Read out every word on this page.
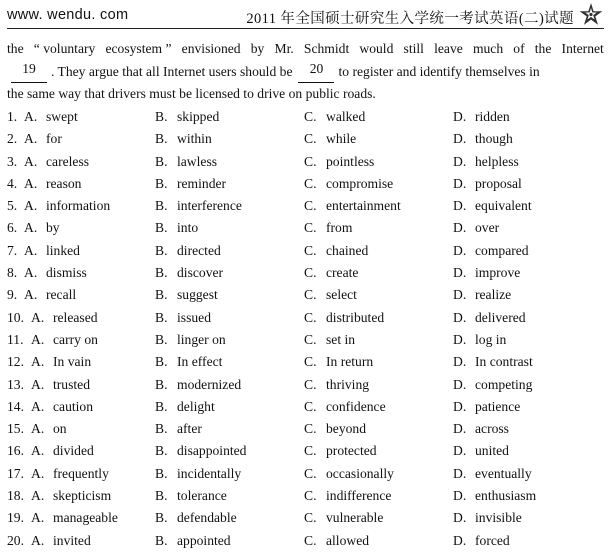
www. wendu. com	2011 年全国硕士研究生入学统一考试英语(二)试题
the “ voluntary ecosystem ” envisioned by Mr. Schmidt would still leave much of the Internet
19	. They argue that all Internet users should be	20	to register and identify themselves in
the same way that drivers must be licensed to drive on public roads.
1. A. swept	B. skipped	C. walked	D. ridden
2. A. for	B. within	C. while	D. though
3. A. careless	B. lawless	C. pointless	D. helpless
4. A. reason	B. reminder	C. compromise	D. proposal
5. A. information	B. interference	C. entertainment	D. equivalent
6. A. by	B. into	C. from	D. over
7. A. linked	B. directed	C. chained	D. compared
8. A. dismiss	B. discover	C. create	D. improve
9. A. recall	B. suggest	C. select	D. realize
10. A. released	B. issued	C. distributed	D. delivered
11. A. carry on	B. linger on	C. set in	D. log in
12. A. In vain	B. In effect	C. In return	D. In contrast
13. A. trusted	B. modernized	C. thriving	D. competing
14. A. caution	B. delight	C. confidence	D. patience
15. A. on	B. after	C. beyond	D. across
16. A. divided	B. disappointed	C. protected	D. united
17. A. frequently	B. incidentally	C. occasionally	D. eventually
18. A. skepticism	B. tolerance	C. indifference	D. enthusiasm
19. A. manageable	B. defendable	C. vulnerable	D. invisible
20. A. invited	B. appointed	C. allowed	D. forced
